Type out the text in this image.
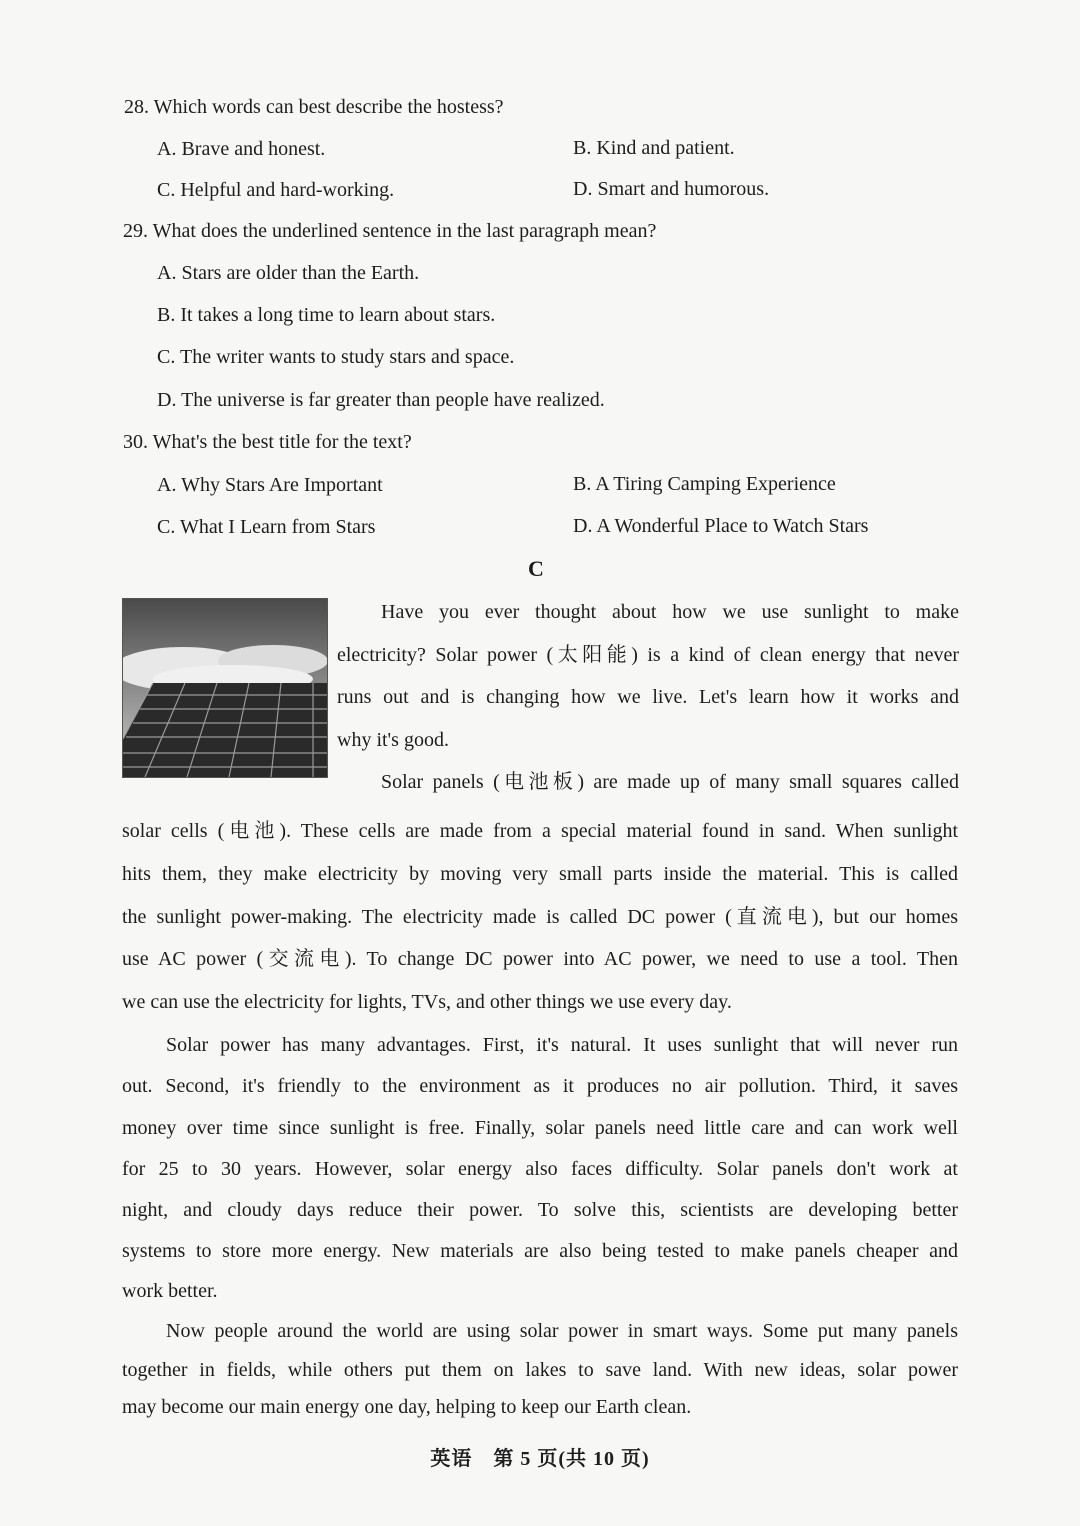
28. Which words can best describe the hostess?
A. Brave and honest.	B. Kind and patient.
C. Helpful and hard-working.	D. Smart and humorous.
29. What does the underlined sentence in the last paragraph mean?
A. Stars are older than the Earth.
B. It takes a long time to learn about stars.
C. The writer wants to study stars and space.
D. The universe is far greater than people have realized.
30. What's the best title for the text?
A. Why Stars Are Important	B. A Tiring Camping Experience
C. What I Learn from Stars	D. A Wonderful Place to Watch Stars
C
Have you ever thought about how we use sunlight to make
electricity? Solar power (太阳能) is a kind of clean energy that never
runs out and is changing how we live. Let's learn how it works and
why it's good.
Solar panels (电池板) are made up of many small squares called
solar cells (电池). These cells are made from a special material found in sand. When sunlight
hits them, they make electricity by moving very small parts inside the material. This is called
the sunlight power-making. The electricity made is called DC power (直流电), but our homes
use AC power (交流电). To change DC power into AC power, we need to use a tool. Then
we can use the electricity for lights, TVs, and other things we use every day.
Solar power has many advantages. First, it's natural. It uses sunlight that will never run
out. Second, it's friendly to the environment as it produces no air pollution. Third, it saves
money over time since sunlight is free. Finally, solar panels need little care and can work well
for 25 to 30 years. However, solar energy also faces difficulty. Solar panels don't work at
night, and cloudy days reduce their power. To solve this, scientists are developing better
systems to store more energy. New materials are also being tested to make panels cheaper and
work better.
Now people around the world are using solar power in smart ways. Some put many panels
together in fields, while others put them on lakes to save land. With new ideas, solar power
may become our main energy one day, helping to keep our Earth clean.
英语　第 5 页(共 10 页)
